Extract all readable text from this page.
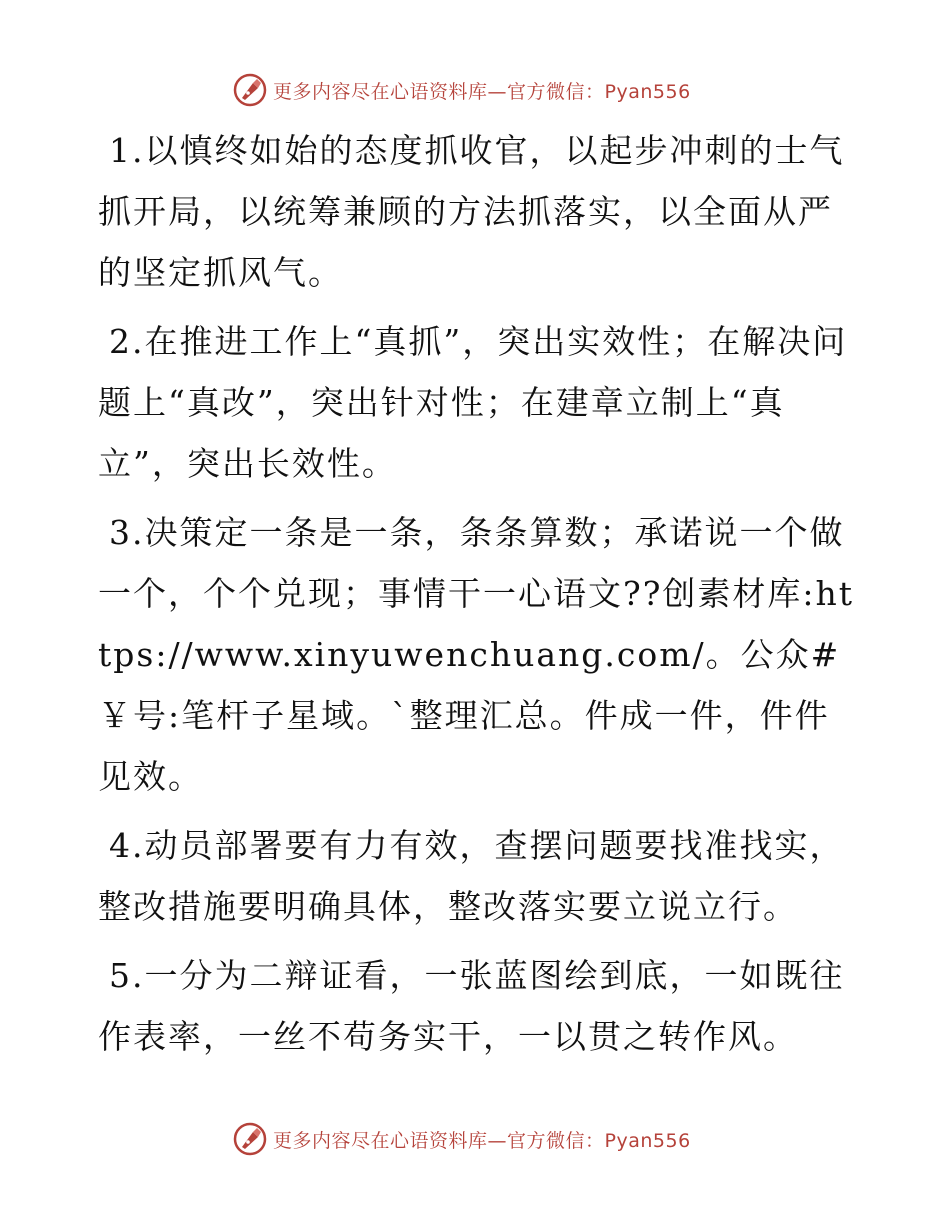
更多内容尽在心语资料库—官方微信：Pyan556

1.以慎终如始的态度抓收官，以起步冲刺的士气抓开局，以统筹兼顾的方法抓落实，以全面从严的坚定抓风气。

2.在推进工作上“真抓”，突出实效性；在解决问题上“真改”，突出针对性；在建章立制上“真立”，突出长效性。

3.决策定一条是一条，条条算数；承诺说一个做一个，个个兑现；事情干一心语文??创素材库:https://www.xinyuwenchuang.com/。公众#￥号:笔杆子星域。`整理汇总。件成一件，件件见效。

4.动员部署要有力有效，查摆问题要找准找实，整改措施要明确具体，整改落实要立说立行。

5.一分为二辩证看，一张蓝图绘到底，一如既往作表率，一丝不苟务实干，一以贯之转作风。

更多内容尽在心语资料库—官方微信：Pyan556
